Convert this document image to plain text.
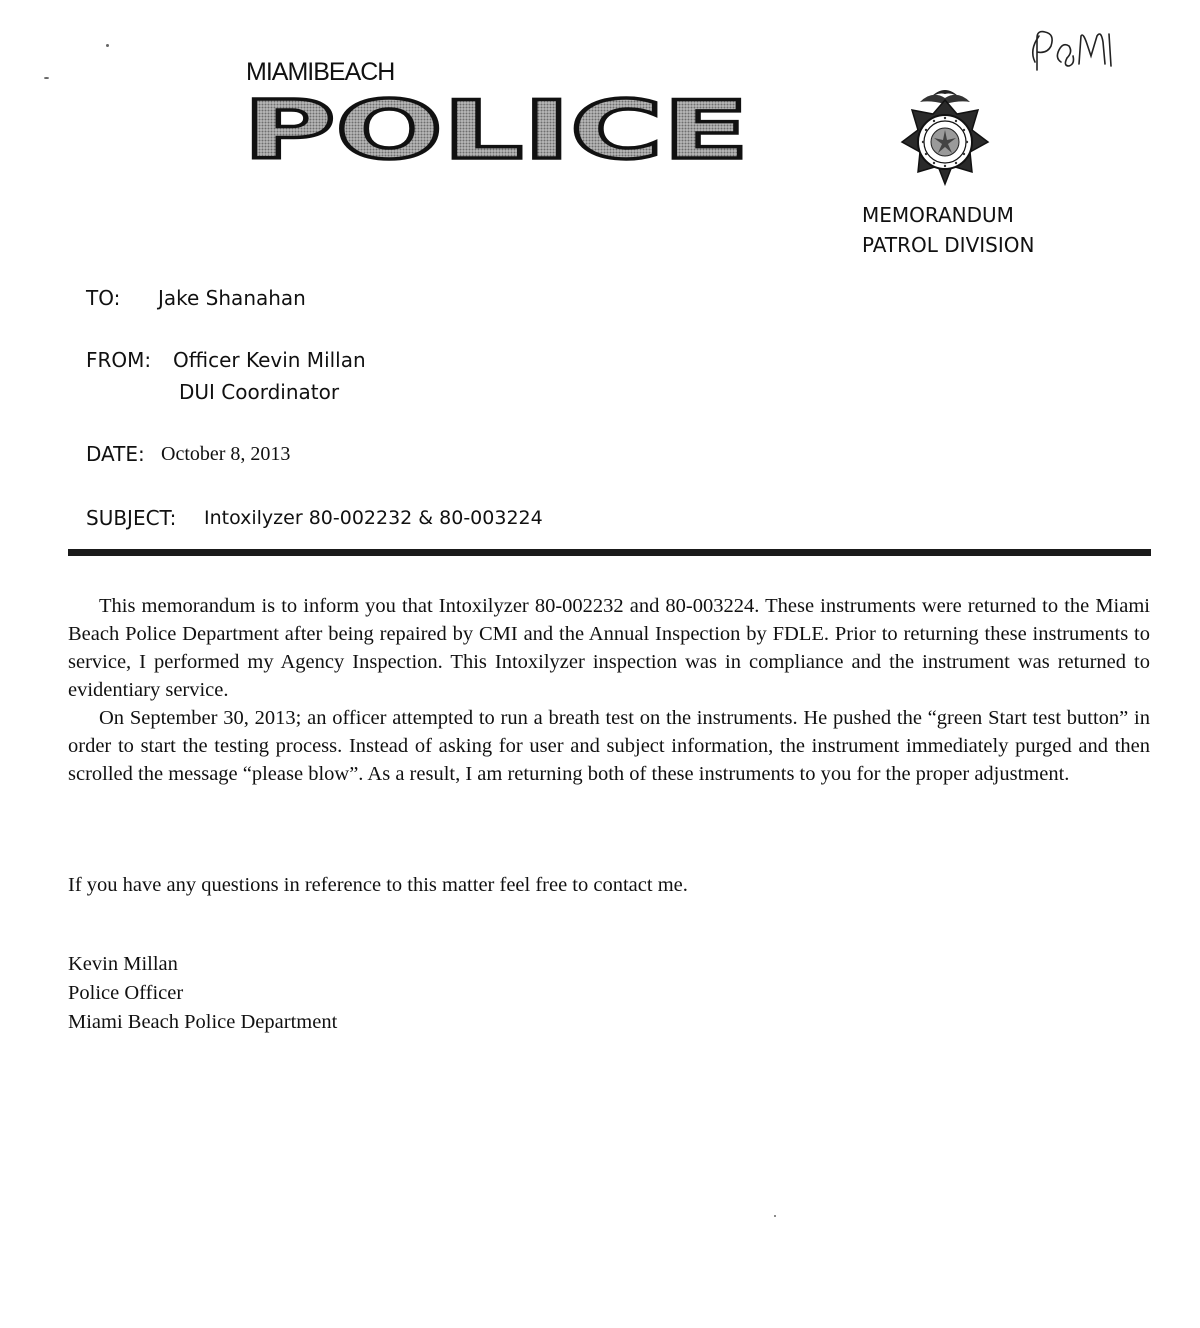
MIAMIBEACH
POLICE
MEMORANDUM
PATROL DIVISION
TO: Jake Shanahan
FROM: Officer Kevin Millan
DUI Coordinator
DATE: October 8, 2013
SUBJECT: Intoxilyzer 80-002232 & 80-003224

This memorandum is to inform you that Intoxilyzer 80-002232 and 80-003224. These instruments were returned to the Miami Beach Police Department after being repaired by CMI and the Annual Inspection by FDLE. Prior to returning these instruments to service, I performed my Agency Inspection. This Intoxilyzer inspection was in compliance and the instrument was returned to evidentiary service.

On September 30, 2013; an officer attempted to run a breath test on the instruments. He pushed the “green Start test button” in order to start the testing process. Instead of asking for user and subject information, the instrument immediately purged and then scrolled the message “please blow”. As a result, I am returning both of these instruments to you for the proper adjustment.

If you have any questions in reference to this matter feel free to contact me.
Kevin Millan
Police Officer
Miami Beach Police Department
